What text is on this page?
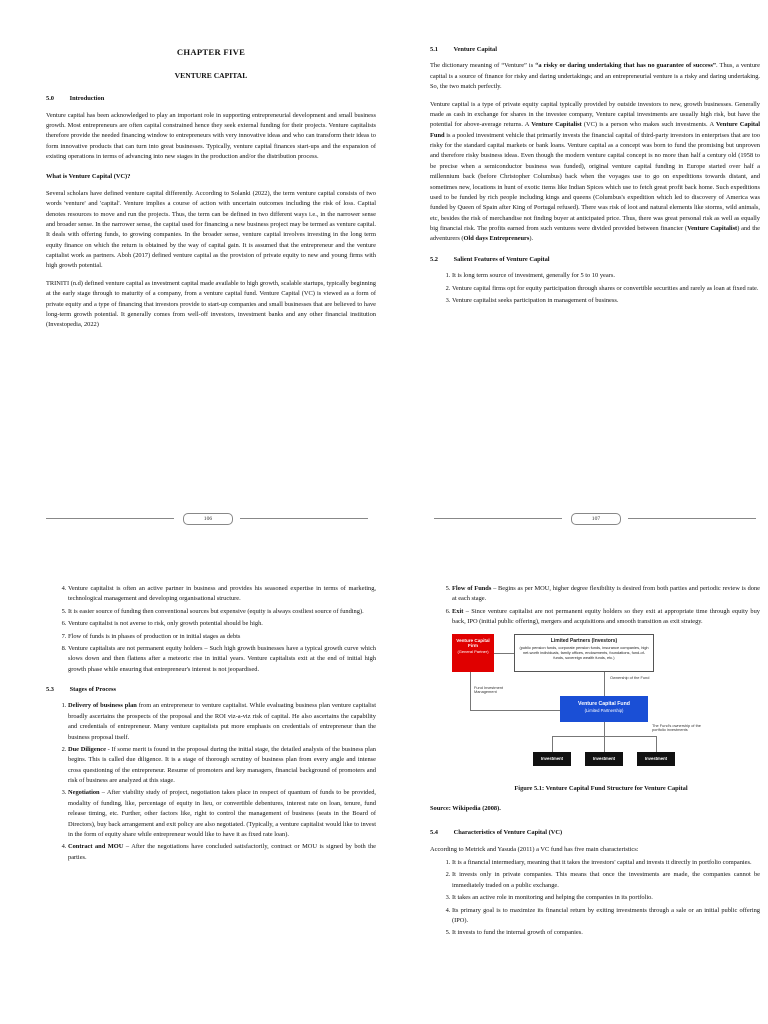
CHAPTER FIVE
VENTURE CAPITAL
5.0 Introduction

Venture capital has been acknowledged to play an important role in supporting entrepreneurial development and small business growth. Most entrepreneurs are often capital constrained hence they seek external funding for their projects. Venture capitalists therefore provide the needed financing window to entrepreneurs with very innovative ideas and who can transform their ideas to form innovative products that can turn into great businesses. Typically, venture capital finances start-ups and the expansion of existing operations in terms of advancing into new stages in the production and/or the distribution process.

What is Venture Capital (VC)?

Several scholars have defined venture capital differently. According to Solanki (2022), the term venture capital consists of two words 'venture' and 'capital'. Venture implies a course of action with uncertain outcomes including the risk of loss. Capital denotes resources to move and run the projects. Thus, the term can be defined in two different ways i.e., in the narrower sense and broader sense. In the narrower sense, the capital used for financing a new business project may be termed as venture capital. It deals with offering funds, to growing companies. In the broader sense, venture capital involves investing in the long term equity finance on which the return is obtained by the way of capital gain. It is assumed that the entrepreneur and the venture capitalist work as partners. Aboh (2017) defined venture capital as the provision of private equity to new and young firms with high growth potential.

TRINITI (n.d) defined venture capital as investment capital made available to high growth, scalable startups, typically beginning at the early stage through to maturity of a company, from a venture capital fund. Venture Capital (VC) is viewed as a form of private equity and a type of financing that investors provide to start-up companies and small businesses that are believed to have long-term growth potential. It generally comes from well-off investors, investment banks and any other financial institution (Investopedia, 2022)

106
5.1 Venture Capital

The dictionary meaning of “Venture” is “a risky or daring undertaking that has no guarantee of success”. Thus, a venture capital is a source of finance for risky and daring undertakings; and an entrepreneurial venture is a risky and daring undertaking. So, the two match perfectly.

Venture capital is a type of private equity capital typically provided by outside investors to new, growth businesses. Generally made as cash in exchange for shares in the investee company, Venture capital investments are usually high risk, but have the potential for above-average returns. A Venture Capitalist (VC) is a person who makes such investments. A Venture Capital Fund is a pooled investment vehicle that primarily invests the financial capital of third-party investors in enterprises that are too risky for the standard capital markets or bank loans. Venture capital as a concept was born to fund the promising but unproven and therefore risky business ideas. Even though the modern venture capital concept is no more than half a century old (1958 to be precise when a semiconductor business was funded), original venture capital funding in Europe started over half a millennium back (before Christopher Columbus) back when the voyages use to go on expeditions towards distant, and sometimes new, locations in hunt of exotic items like Indian Spices which use to fetch great profit back home. Such expeditions used to be funded by rich people including kings and queens (Columbus's expedition which led to discovery of America was funded by Queen of Spain after King of Portugal refused). There was risk of loot and natural elements like storms, wild animals, etc, besides the risk of merchandise not finding buyer at anticipated price. Thus, there was great personal risk as well as equally big financial risk. The profits earned from such ventures were divided provided between financier (Venture Capitalist) and the adventurers (Old days Entrepreneurs).

5.2 Salient Features of Venture Capital
1. It is long term source of investment, generally for 5 to 10 years.
2. Venture capital firms opt for equity participation through shares or convertible securities and rarely as loan at fixed rate.
3. Venture capitalist seeks participation in management of business.
107
4. Venture capitalist is often an active partner in business and provides his seasoned expertise in terms of marketing, technological management and developing organisational structure.
5. It is easier source of funding then conventional sources but expensive (equity is always costliest source of funding).
6. Venture capitalist is not averse to risk, only growth potential should be high.
7. Flow of funds is in phases of production or in initial stages as debts
8. Venture capitalists are not permanent equity holders – Such high growth businesses have a typical growth curve which slows down and then flattens after a meteoric rise in initial years. Venture capitalists exit at the end of initial high growth phase while ensuring that entrepreneur's interest is not jeopardised.
5.3 Stages of Process
1. Delivery of business plan from an entrepreneur to venture capitalist. While evaluating business plan venture capitalist broadly ascertains the prospects of the proposal and the ROI viz-a-viz risk of capital. He also ascertains the capability and credentials of entrepreneur. Many venture capitalists put more emphasis on credentials of entrepreneur than the business proposal itself.
2. Due Diligence - If some merit is found in the proposal during the initial stage, the detailed analysis of the business plan begins. This is called due diligence. It is a stage of thorough scrutiny of business plan from every angle and intense cross questioning of the entrepreneur. Resume of promoters and key managers, financial background of promoters and risk of business are analyzed at this stage.
3. Negotiation – After viability study of project, negotiation takes place in respect of quantum of funds to be provided, modality of funding, like, percentage of equity in lieu, or convertible debentures, interest rate on loan, tenure, fund release timing, etc. Further, other factors like, right to control the management of business (seats in the Board of Directors), buy back arrangement and exit policy are also negotiated. (Typically, a venture capitalist would like to invest in the form of equity share while entrepreneur would like to have it as fixed rate loan).
4. Contract and MOU – After the negotiations have concluded satisfactorily, contract or MOU is signed by both the parties.
5. Flow of Funds – Begins as per MOU, higher degree flexibility is desired from both parties and periodic review is done at each stage.
6. Exit – Since venture capitalist are not permanent equity holders so they exit at appropriate time through equity buy back, IPO (initial public offering), mergers and acquisitions and smooth transition as exit strategy.
Venture Capital Firm
(General Partner)
Limited Partners (Investors)
(public pension funds, corporate pension funds, insurance companies, high net-worth individuals, family offices, endowments, foundations, fund-of-funds, sovereign wealth funds, etc.)
Ownership of the Fund
Fund Investment Management
Venture Capital Fund
(Limited Partnership)
The Fund's ownership of the portfolio investments
Investment	Investment	Investment
Figure 5.1: Venture Capital Fund Structure for Venture Capital
Source: Wikipedia (2008).
5.4 Characteristics of Venture Capital (VC)

According to Metrick and Yasuda (2011) a VC fund has five main characteristics:

1. It is a financial intermediary, meaning that it takes the investors' capital and invests it directly in portfolio companies.
2. It invests only in private companies. This means that once the investments are made, the companies cannot be immediately traded on a public exchange.
3. It takes an active role in monitoring and helping the companies in its portfolio.
4. Its primary goal is to maximize its financial return by exiting investments through a sale or an initial public offering (IPO).
5. It invests to fund the internal growth of companies.
